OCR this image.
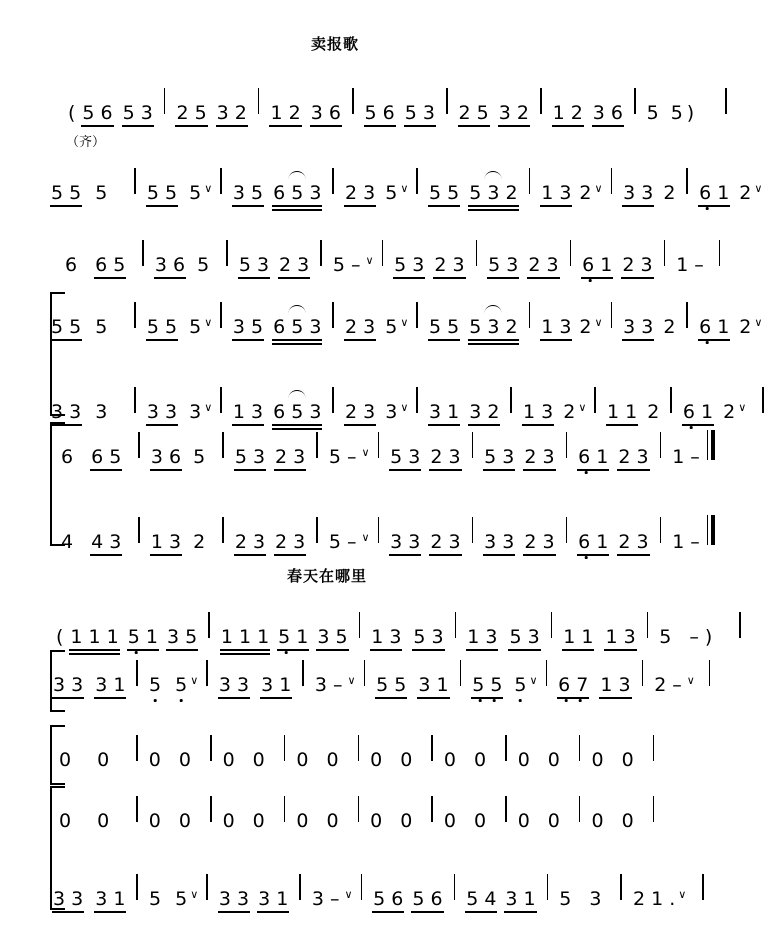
卖报歌
( 5 6 5 3 2 5 3 2 1 2 3 6 5 6 5 3 2 5 3 2 1 2 3 6 5 5 )
（齐）
5 5 5 5 5 5 ∨ 3 5 6 5 3 2 3 5 ∨ 5 5 5 3 2 1 3 2 ∨ 3 3 2 6 1 2 ∨
6 6 5 3 6 5 5 3 2 3 5 – ∨ 5 3 2 3 5 3 2 3 6 1 2 3 1 –
5 5 5 5 5 5 ∨ 3 5 6 5 3 2 3 5 ∨ 5 5 5 3 2 1 3 2 ∨ 3 3 2 6 1 2 ∨
3 3 3 3 3 3 ∨ 1 3 6 5 3 2 3 3 ∨ 3 1 3 2 1 3 2 ∨ 1 1 2 6 1 2 ∨
6 6 5 3 6 5 5 3 2 3 5 – ∨ 5 3 2 3 5 3 2 3 6 1 2 3 1 –
4 4 3 1 3 2 2 3 2 3 5 – ∨ 3 3 2 3 3 3 2 3 6 1 2 3 1 –
春天在哪里
( 1 1 1 5 1 3 5 1 1 1 5 1 3 5 1 3 5 3 1 3 5 3 1 1 1 3 5 – )
3 3 3 1 5 5 ∨ 3 3 3 1 3 – ∨ 5 5 3 1 5 5 5 ∨ 6 7 1 3 2 – ∨
0 0 0 0 0 0 0 0 0 0 0 0 0 0 0 0
0 0 0 0 0 0 0 0 0 0 0 0 0 0 0 0
3 3 3 1 5 5 ∨ 3 3 3 1 3 – ∨ 5 6 5 6 5 4 3 1 5 3 2 1 . ∨
